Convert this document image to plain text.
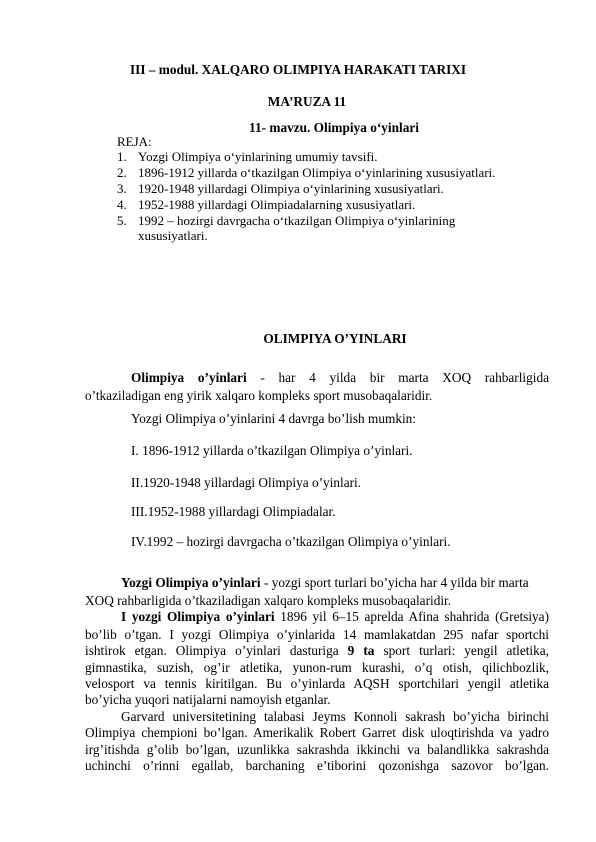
III – modul. XALQARO OLIMPIYA HARAKATI TARIXI
MA’RUZA 11
11- mavzu. Olimpiya o‘yinlari
REJA:
1. Yozgi Olimpiya o‘yinlarining umumiy tavsifi.
2. 1896-1912 yillarda o‘tkazilgan Olimpiya o‘yinlarining xususiyatlari.
3. 1920-1948 yillardagi Olimpiya o‘yinlarining xususiyatlari.
4. 1952-1988 yillardagi Olimpiadalarning xususiyatlari.
5. 1992 – hozirgi davrgacha o‘tkazilgan Olimpiya o‘yinlarining
xususiyatlari.
OLIMPIYA O’YINLARI
Olimpiya o’yinlari - har 4 yilda bir marta XOQ rahbarligida
o’tkaziladigan eng yirik xalqaro kompleks sport musobaqalaridir.
Yozgi Olimpiya o’yinlarini 4 davrga bo’lish mumkin:
I. 1896-1912 yillarda o’tkazilgan Olimpiya o’yinlari.
II.1920-1948 yillardagi Olimpiya o’yinlari.
III.1952-1988 yillardagi Olimpiadalar.
IV.1992 – hozirgi davrgacha o’tkazilgan Olimpiya o’yinlari.
Yozgi Olimpiya o’yinlari - yozgi sport turlari bo’yicha har 4 yilda bir marta
XOQ rahbarligida o’tkaziladigan xalqaro kompleks musobaqalaridir.
I yozgi Olimpiya o’yinlari 1896 yil 6–15 aprelda Afina shahrida (Gretsiya)
bo’lib o’tgan. I yozgi Olimpiya o’yinlarida 14 mamlakatdan 295 nafar sportchi
ishtirok etgan. Olimpiya o’yinlari dasturiga 9 ta sport turlari: yengil atletika,
gimnastika, suzish, og’ir atletika, yunon-rum kurashi, o’q otish, qilichbozlik,
velosport va tennis kiritilgan. Bu o’yinlarda AQSH sportchilari yengil atletika
bo’yicha yuqori natijalarni namoyish etganlar.
Garvard universitetining talabasi Jeyms Konnoli sakrash bo’yicha birinchi
Olimpiya chempioni bo’lgan. Amerikalik Robert Garret disk uloqtirishda va yadro
irg’itishda g’olib bo’lgan, uzunlikka sakrashda ikkinchi va balandlikka sakrashda
uchinchi o’rinni egallab, barchaning e’tiborini qozonishga sazovor bo’lgan.
